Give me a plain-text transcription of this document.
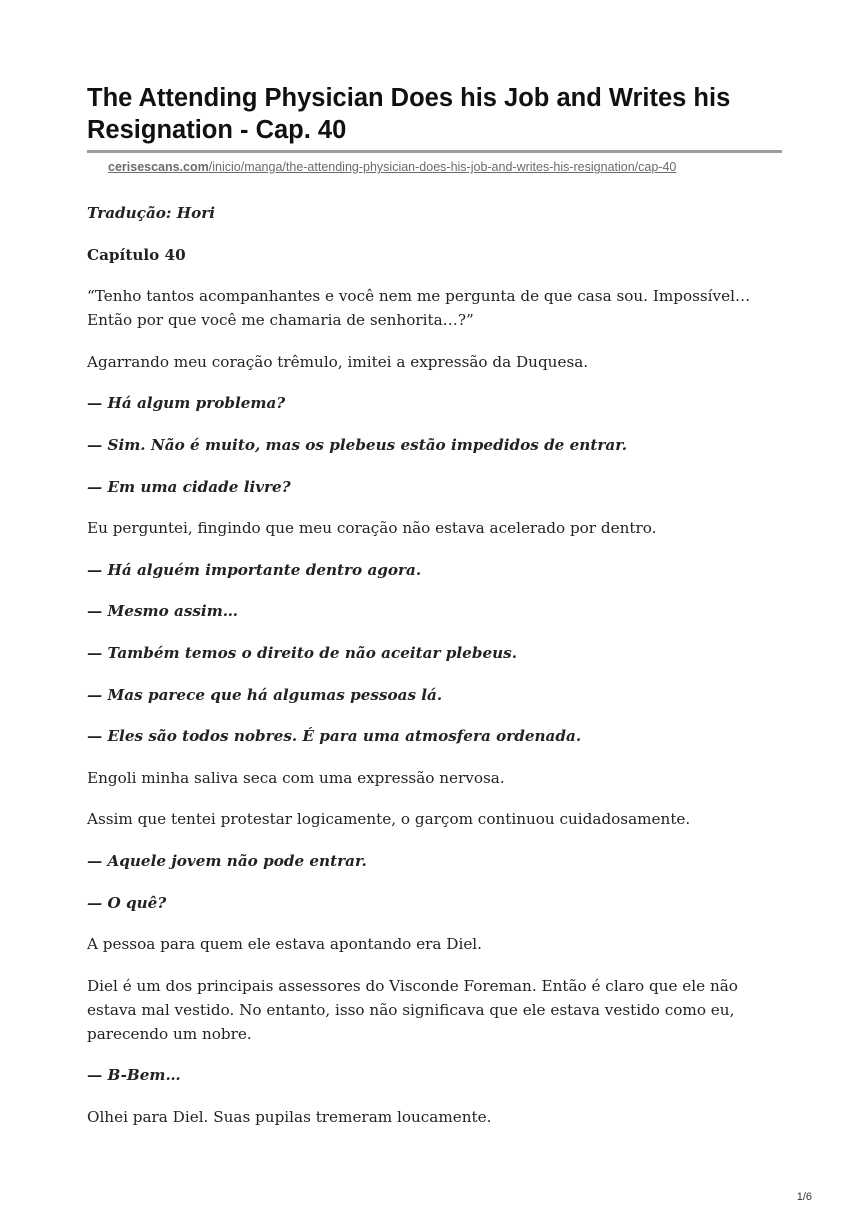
The Attending Physician Does his Job and Writes his Resignation - Cap. 40
cerisescans.com/inicio/manga/the-attending-physician-does-his-job-and-writes-his-resignation/cap-40

Tradução: Hori

Capítulo 40

“Tenho tantos acompanhantes e você nem me pergunta de que casa sou. Impossível… Então por que você me chamaria de senhorita…?”

Agarrando meu coração trêmulo, imitei a expressão da Duquesa.

— Há algum problema?

— Sim. Não é muito, mas os plebeus estão impedidos de entrar.

— Em uma cidade livre?

Eu perguntei, fingindo que meu coração não estava acelerado por dentro.

— Há alguém importante dentro agora.

— Mesmo assim…

— Também temos o direito de não aceitar plebeus.

— Mas parece que há algumas pessoas lá.

— Eles são todos nobres. É para uma atmosfera ordenada.

Engoli minha saliva seca com uma expressão nervosa.

Assim que tentei protestar logicamente, o garçom continuou cuidadosamente.

— Aquele jovem não pode entrar.

— O quê?

A pessoa para quem ele estava apontando era Diel.

Diel é um dos principais assessores do Visconde Foreman. Então é claro que ele não estava mal vestido. No entanto, isso não significava que ele estava vestido como eu, parecendo um nobre.

— B-Bem…

Olhei para Diel. Suas pupilas tremeram loucamente.

1/6
